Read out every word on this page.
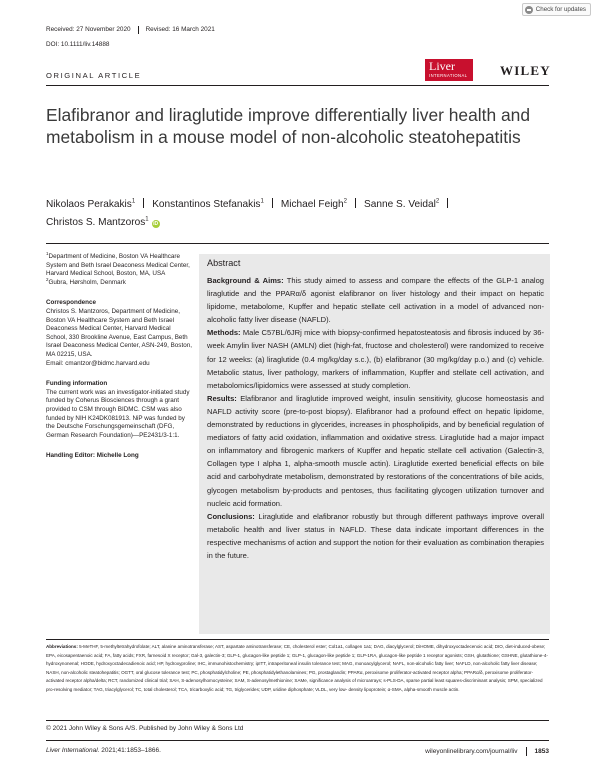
Check for updates
Received: 27 November 2020 Revised: 16 March 2021
DOI: 10.1111/liv.14888
ORIGINAL ARTICLE
Liver
INTERNATIONAL	WILEY
Elafibranor and liraglutide improve differentially liver health and metabolism in a mouse model of non-alcoholic steatohepatitis
Nikolaos Perakakis$^1$ Konstantinos Stefanakis$^1$ Michael Feigh$^2$ Sanne S. Veidal$^2$
Christos S. Mantzoros$^1$iD

$^1$Department of Medicine, Boston VA Healthcare System and Beth Israel Deaconess Medical Center, Harvard Medical School, Boston, MA, USA

$^2$Gubra, Hørsholm, Denmark

Correspondence

Christos S. Mantzoros, Department of Medicine, Boston VA Healthcare System and Beth Israel Deaconess Medical Center, Harvard Medical School, 330 Brookline Avenue, East Campus, Beth Israel Deaconess Medical Center, ASN-249, Boston, MA 02215, USA.

Email: cmantzor@bidmc.harvard.edu

Funding information

The current work was an investigator-initiated study funded by Coherus Biosciences through a grant provided to CSM through BIDMC. CSM was also funded by NIH K24DK081913. NiP was funded by the Deutsche Forschungsgemeinschaft (DFG, German Research Foundation)—PE2431/3-1:1.

Handling Editor: Michelle Long
Abstract

Background & Aims: This study aimed to assess and compare the effects of the GLP-1 analog liraglutide and the PPARα/δ agonist elafibranor on liver histology and their impact on hepatic lipidome, metabolome, Kupffer and hepatic stellate cell activation in a model of advanced non-alcoholic fatty liver disease (NAFLD).

Methods: Male C57BL/6JRj mice with biopsy-confirmed hepatosteatosis and fibrosis induced by 36-week Amylin liver NASH (AMLN) diet (high-fat, fructose and cholesterol) were randomized to receive for 12 weeks: (a) liraglutide (0.4 mg/kg/day s.c.), (b) elafibranor (30 mg/kg/day p.o.) and (c) vehicle. Metabolic status, liver pathology, markers of inflammation, Kupffer and stellate cell activation, and metabolomics/lipidomics were assessed at study completion.

Results: Elafibranor and liraglutide improved weight, insulin sensitivity, glucose homeostasis and NAFLD activity score (pre-to-post biopsy). Elafibranor had a profound effect on hepatic lipidome, demonstrated by reductions in glycerides, increases in phospholipids, and by beneficial regulation of mediators of fatty acid oxidation, inflammation and oxidative stress. Liraglutide had a major impact on inflammatory and fibrogenic markers of Kupffer and hepatic stellate cell activation (Galectin-3, Collagen type I alpha 1, alpha-smooth muscle actin). Liraglutide exerted beneficial effects on bile acid and carbohydrate metabolism, demonstrated by restorations of the concentrations of bile acids, glycogen metabolism by-products and pentoses, thus facilitating glycogen utilization turnover and nucleic acid formation.

Conclusions: Liraglutide and elafibranor robustly but through different pathways improve overall metabolic health and liver status in NAFLD. These data indicate important differences in the respective mechanisms of action and support the notion for their evaluation as combination therapies in the future.

Abbreviations: 5-MeTHF, 5-methyltetrahydrofolate; ALT, alanine aminotransferase; AST, aspartate aminotransferase; CE, cholesterol ester; Col1a1, collagen 1a1; DAG, diacylglycerol; DiHOME, dihydroxyoctadecenoic acid; DIO, diet-induced-obese; EPA, eicosapentaenoic acid; FA, fatty acids; FXR, farnesoid X receptor; Gal-3, galectin-3; GLP-1, glucagon-like peptide 1; GLP-1, glucagon-like peptide 1; GLP-1RA, glucagon-like peptide 1 receptor agonists; GSH, glutathione; GSHNE, glutathione-4-hydroxynonenal; HODE, hydroxyoctadecadienoic acid; HP, hydroxyproline; IHC, immunohistochemistry; ipITT, intraperitoneal insulin tolerance test; MAG, monoacylglycerol; NAFL, non-alcoholic fatty liver; NAFLD, non-alcoholic fatty liver disease; NASH, non-alcoholic steatohepatitis; OGTT, oral glucose tolerance test; PC, phosphatidylcholine; PE, phosphatidylethanolamines; PG, prostaglandin; PPARα, peroxisome proliferator-activated receptor alpha; PPARα/δ, peroxisome proliferator-activated receptor alpha/delta; RCT, randomized clinical trial; SAH, S-adenosylhomocysteine; SAM, S-adenosylmethionine; SAMe, significance analysis of microarrays; s-PLS-DA, sparse partial least squares-discriminant analysis; SPM, specialized pro-resolving mediator; TAG, triacylglycerol; TC, total cholesterol; TCA, tricarboxylic acid; TG, triglycerides; UDP, uridine diphosphate; VLDL, very low- density lipoprotein; α-SMA, alpha-smooth muscle actin.

© 2021 John Wiley & Sons A/S. Published by John Wiley & Sons Ltd
Liver International. 2021;41:1853–1866.	wileyonlinelibrary.com/journal/liv	1853
